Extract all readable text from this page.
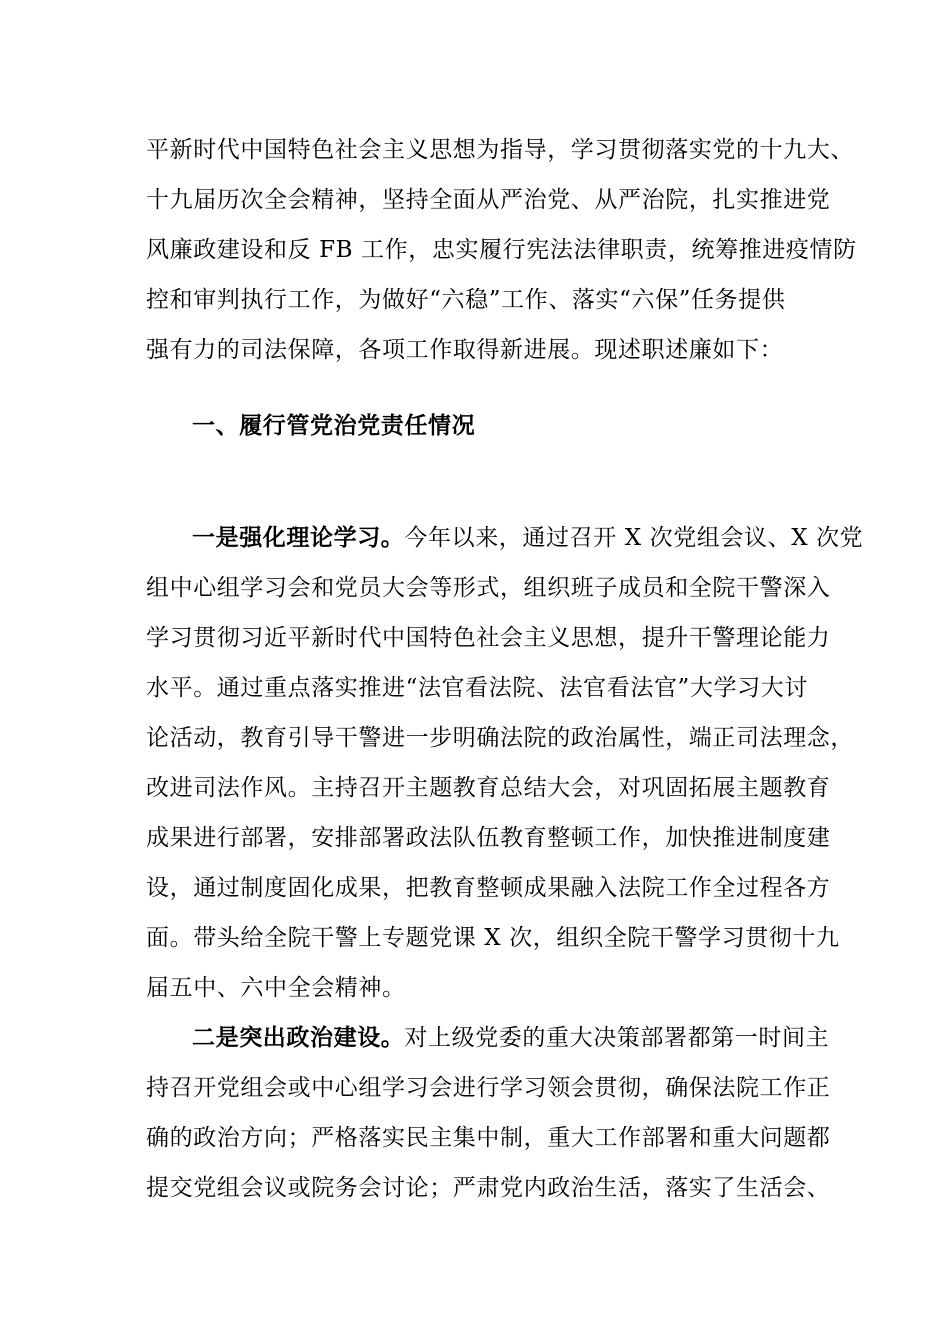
平新时代中国特色社会主义思想为指导，学习贯彻落实党的十九大、
十九届历次全会精神，坚持全面从严治党、从严治院，扎实推进党
风廉政建设和反 FB 工作，忠实履行宪法法律职责，统筹推进疫情防
控和审判执行工作，为做好“六稳”工作、落实“六保”任务提供
强有力的司法保障，各项工作取得新进展。现述职述廉如下：
一、履行管党治党责任情况
一是强化理论学习。今年以来，通过召开 X 次党组会议、X 次党
组中心组学习会和党员大会等形式，组织班子成员和全院干警深入
学习贯彻习近平新时代中国特色社会主义思想，提升干警理论能力
水平。通过重点落实推进“法官看法院、法官看法官”大学习大讨
论活动，教育引导干警进一步明确法院的政治属性，端正司法理念，
改进司法作风。主持召开主题教育总结大会，对巩固拓展主题教育
成果进行部署，安排部署政法队伍教育整顿工作，加快推进制度建
设，通过制度固化成果，把教育整顿成果融入法院工作全过程各方
面。带头给全院干警上专题党课 X 次，组织全院干警学习贯彻十九
届五中、六中全会精神。
二是突出政治建设。对上级党委的重大决策部署都第一时间主
持召开党组会或中心组学习会进行学习领会贯彻，确保法院工作正
确的政治方向；严格落实民主集中制，重大工作部署和重大问题都
提交党组会议或院务会讨论；严肃党内政治生活，落实了生活会、
